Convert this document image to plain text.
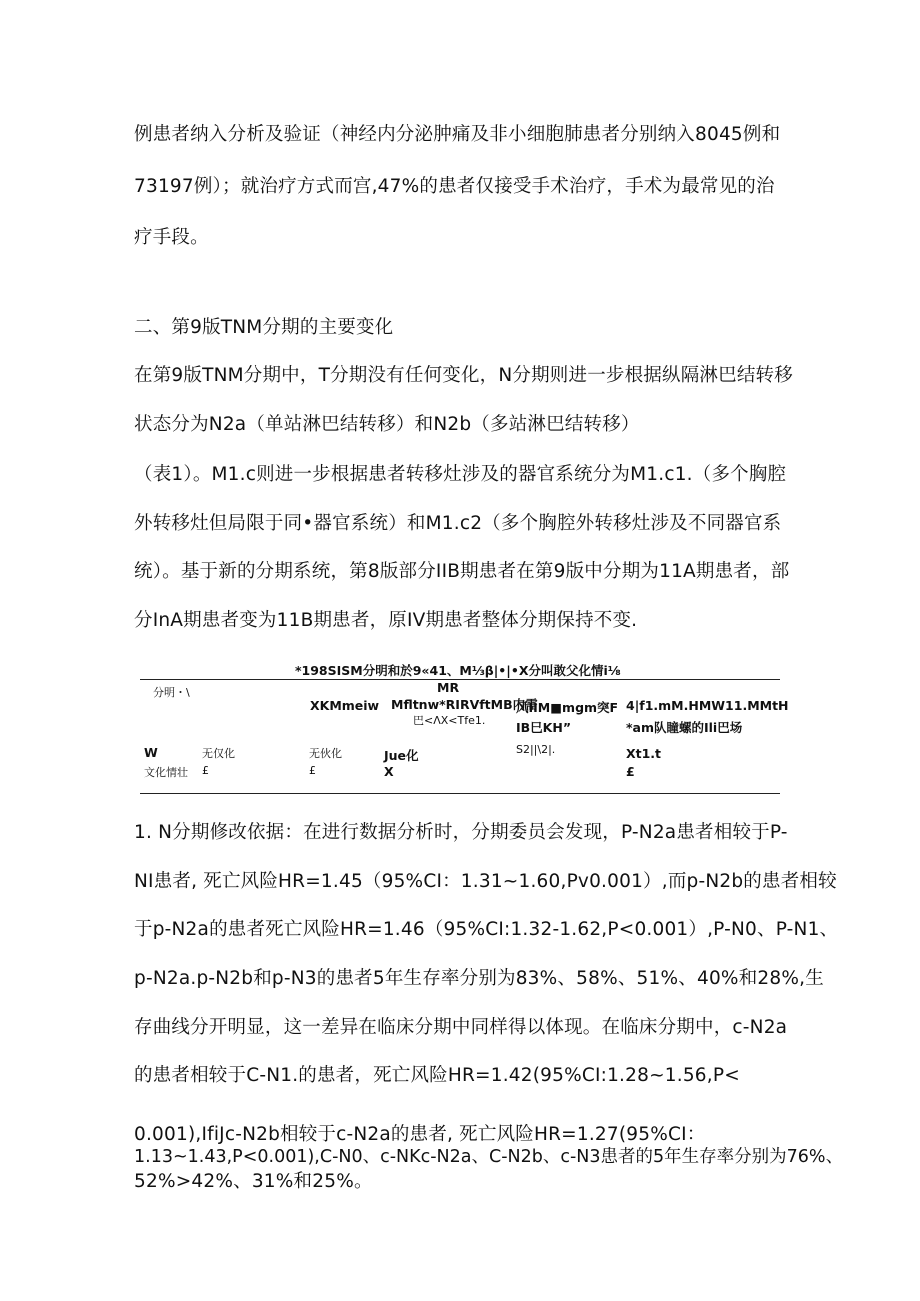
例患者纳入分析及验证（神经内分泌肿痛及非小细胞肺患者分别纳入8045例和
73197例）；就治疗方式而宫,47%的患者仅接受手术治疗，手术为最常见的治
疗手段。
二、第9版TNM分期的主要变化
在第9版TNM分期中，T分期没有任何变化，N分期则进一步根据纵隔淋巴结转移
状态分为N2a（单站淋巴结转移）和N2b（多站淋巴结转移）
（表1）。M1.c则进一步根据患者转移灶涉及的器官系统分为M1.c1.（多个胸腔
外转移灶但局限于同•器官系统）和M1.c2（多个胸腔外转移灶涉及不同器官系
统）。基于新的分期系统，第8版部分IIB期患者在第9版中分期为11A期患者，部
分InA期患者变为11B期患者，原IV期患者整体分期保持不变.
*198SISM分明和於9«41、M⅓β|•|•X分叫敢父化情i⅛
分明・\
XKMmeiw
MR
Mfltnw*RIRVftMB内需
巴<ΛX<Tfe1.
风IIM■mgm突F
IB巳KH”
4|f1.mM.HMW11.MMtH
*am队瞳螺的Ili巴场
W
文化情壮
无仅化
£
无伙化
£
Jue化
X
S2||\2|.	Xt1.t
£
1. N分期修改依据：在进行数据分析时，分期委员会发现，P-N2a患者相较于P-
NI患者, 死亡风险HR=1.45（95%CI：1.31~1.60,Pv0.001）,而p-N2b的患者相较
于p-N2a的患者死亡风险HR=1.46（95%CI:1.32-1.62,P<0.001）,P-N0、P-N1、
p-N2a.p-N2b和p-N3的患者5年生存率分别为83%、58%、51%、40%和28%,生
存曲线分开明显，这一差异在临床分期中同样得以体现。在临床分期中，c-N2a
的患者相较于C-N1.的患者，死亡风险HR=1.42(95%CI:1.28~1.56,P<
0.001),IfiJc-N2b相较于c-N2a的患者, 死亡风险HR=1.27(95%CI：
1.13~1.43,P<0.001),C-N0、c-NKc-N2a、C-N2b、c-N3患者的5年生存率分别为76%、
52%>42%、31%和25%。
